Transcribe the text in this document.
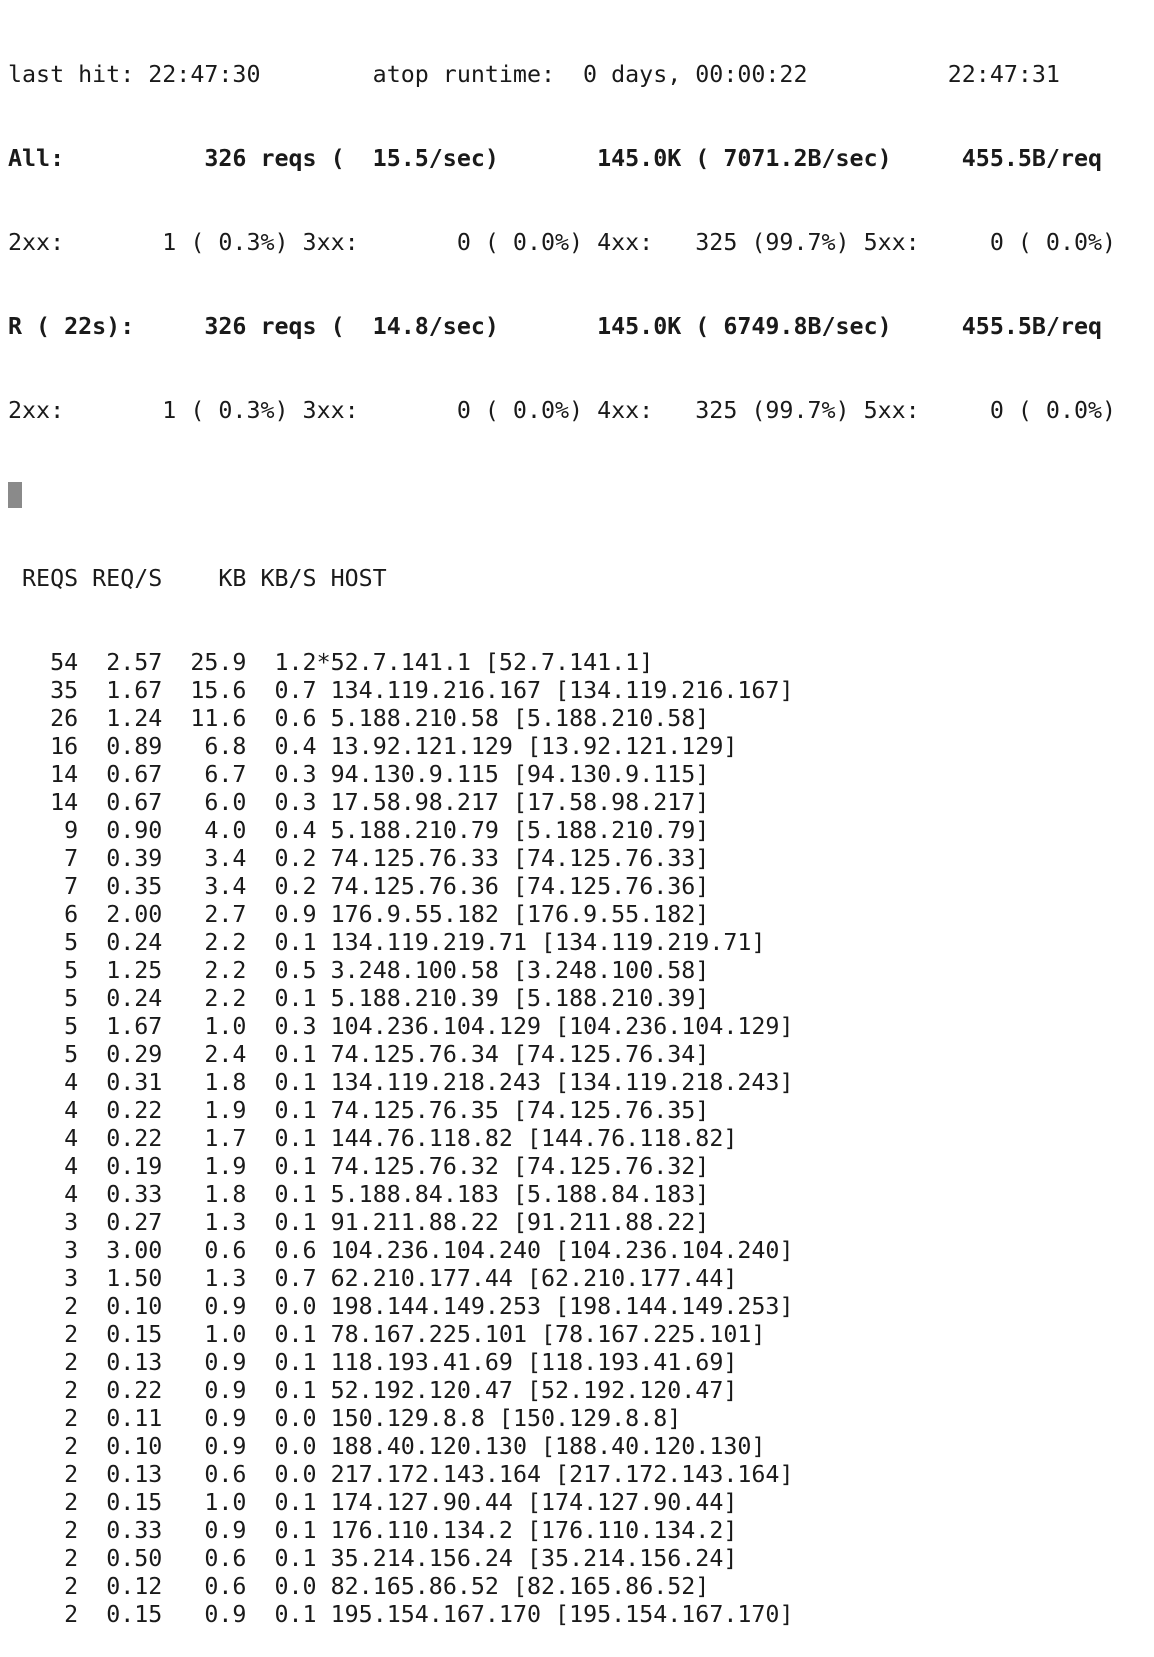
last hit: 22:47:30        atop runtime:  0 days, 00:00:22          22:47:31

All:          326 reqs (  15.5/sec)       145.0K ( 7071.2B/sec)     455.5B/req

2xx:       1 ( 0.3%) 3xx:       0 ( 0.0%) 4xx:   325 (99.7%) 5xx:     0 ( 0.0%)

R ( 22s):     326 reqs (  14.8/sec)       145.0K ( 6749.8B/sec)     455.5B/req

2xx:       1 ( 0.3%) 3xx:       0 ( 0.0%) 4xx:   325 (99.7%) 5xx:     0 ( 0.0%)

REQS REQ/S    KB KB/S HOST

54  2.57  25.9  1.2*52.7.141.1 [52.7.141.1]
35  1.67  15.6  0.7 134.119.216.167 [134.119.216.167]
26  1.24  11.6  0.6 5.188.210.58 [5.188.210.58]
16  0.89   6.8  0.4 13.92.121.129 [13.92.121.129]
14  0.67   6.7  0.3 94.130.9.115 [94.130.9.115]
14  0.67   6.0  0.3 17.58.98.217 [17.58.98.217]
9  0.90   4.0  0.4 5.188.210.79 [5.188.210.79]
7  0.39   3.4  0.2 74.125.76.33 [74.125.76.33]
7  0.35   3.4  0.2 74.125.76.36 [74.125.76.36]
6  2.00   2.7  0.9 176.9.55.182 [176.9.55.182]
5  0.24   2.2  0.1 134.119.219.71 [134.119.219.71]
5  1.25   2.2  0.5 3.248.100.58 [3.248.100.58]
5  0.24   2.2  0.1 5.188.210.39 [5.188.210.39]
5  1.67   1.0  0.3 104.236.104.129 [104.236.104.129]
5  0.29   2.4  0.1 74.125.76.34 [74.125.76.34]
4  0.31   1.8  0.1 134.119.218.243 [134.119.218.243]
4  0.22   1.9  0.1 74.125.76.35 [74.125.76.35]
4  0.22   1.7  0.1 144.76.118.82 [144.76.118.82]
4  0.19   1.9  0.1 74.125.76.32 [74.125.76.32]
4  0.33   1.8  0.1 5.188.84.183 [5.188.84.183]
3  0.27   1.3  0.1 91.211.88.22 [91.211.88.22]
3  3.00   0.6  0.6 104.236.104.240 [104.236.104.240]
3  1.50   1.3  0.7 62.210.177.44 [62.210.177.44]
2  0.10   0.9  0.0 198.144.149.253 [198.144.149.253]
2  0.15   1.0  0.1 78.167.225.101 [78.167.225.101]
2  0.13   0.9  0.1 118.193.41.69 [118.193.41.69]
2  0.22   0.9  0.1 52.192.120.47 [52.192.120.47]
2  0.11   0.9  0.0 150.129.8.8 [150.129.8.8]
2  0.10   0.9  0.0 188.40.120.130 [188.40.120.130]
2  0.13   0.6  0.0 217.172.143.164 [217.172.143.164]
2  0.15   1.0  0.1 174.127.90.44 [174.127.90.44]
2  0.33   0.9  0.1 176.110.134.2 [176.110.134.2]
2  0.50   0.6  0.1 35.214.156.24 [35.214.156.24]
2  0.12   0.6  0.0 82.165.86.52 [82.165.86.52]
2  0.15   0.9  0.1 195.154.167.170 [195.154.167.170]
